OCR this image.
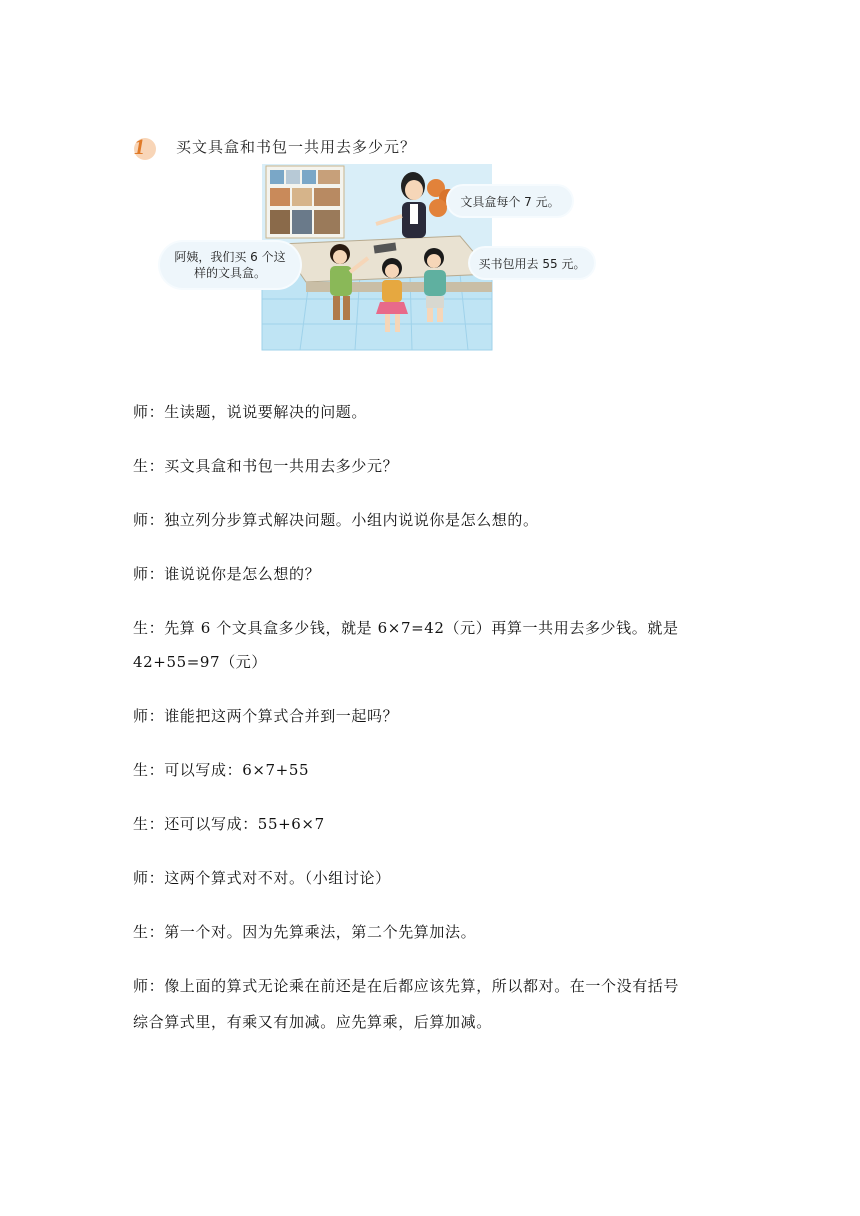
1	买文具盒和书包一共用去多少元？
阿姨，我们买 6 个这样的文具盒。
文具盒每个 7 元。
买书包用去 55 元。
师：生读题，说说要解决的问题。
生：买文具盒和书包一共用去多少元？
师：独立列分步算式解决问题。小组内说说你是怎么想的。
师：谁说说你是怎么想的？
生：先算 6 个文具盒多少钱，就是 6×7=42（元）再算一共用去多少钱。就是
42+55=97（元）
师：谁能把这两个算式合并到一起吗？
生：可以写成：6×7+55
生：还可以写成：55+6×7
师：这两个算式对不对。（小组讨论）
生：第一个对。因为先算乘法，第二个先算加法。
师：像上面的算式无论乘在前还是在后都应该先算，所以都对。在一个没有括号
综合算式里，有乘又有加减。应先算乘，后算加减。
